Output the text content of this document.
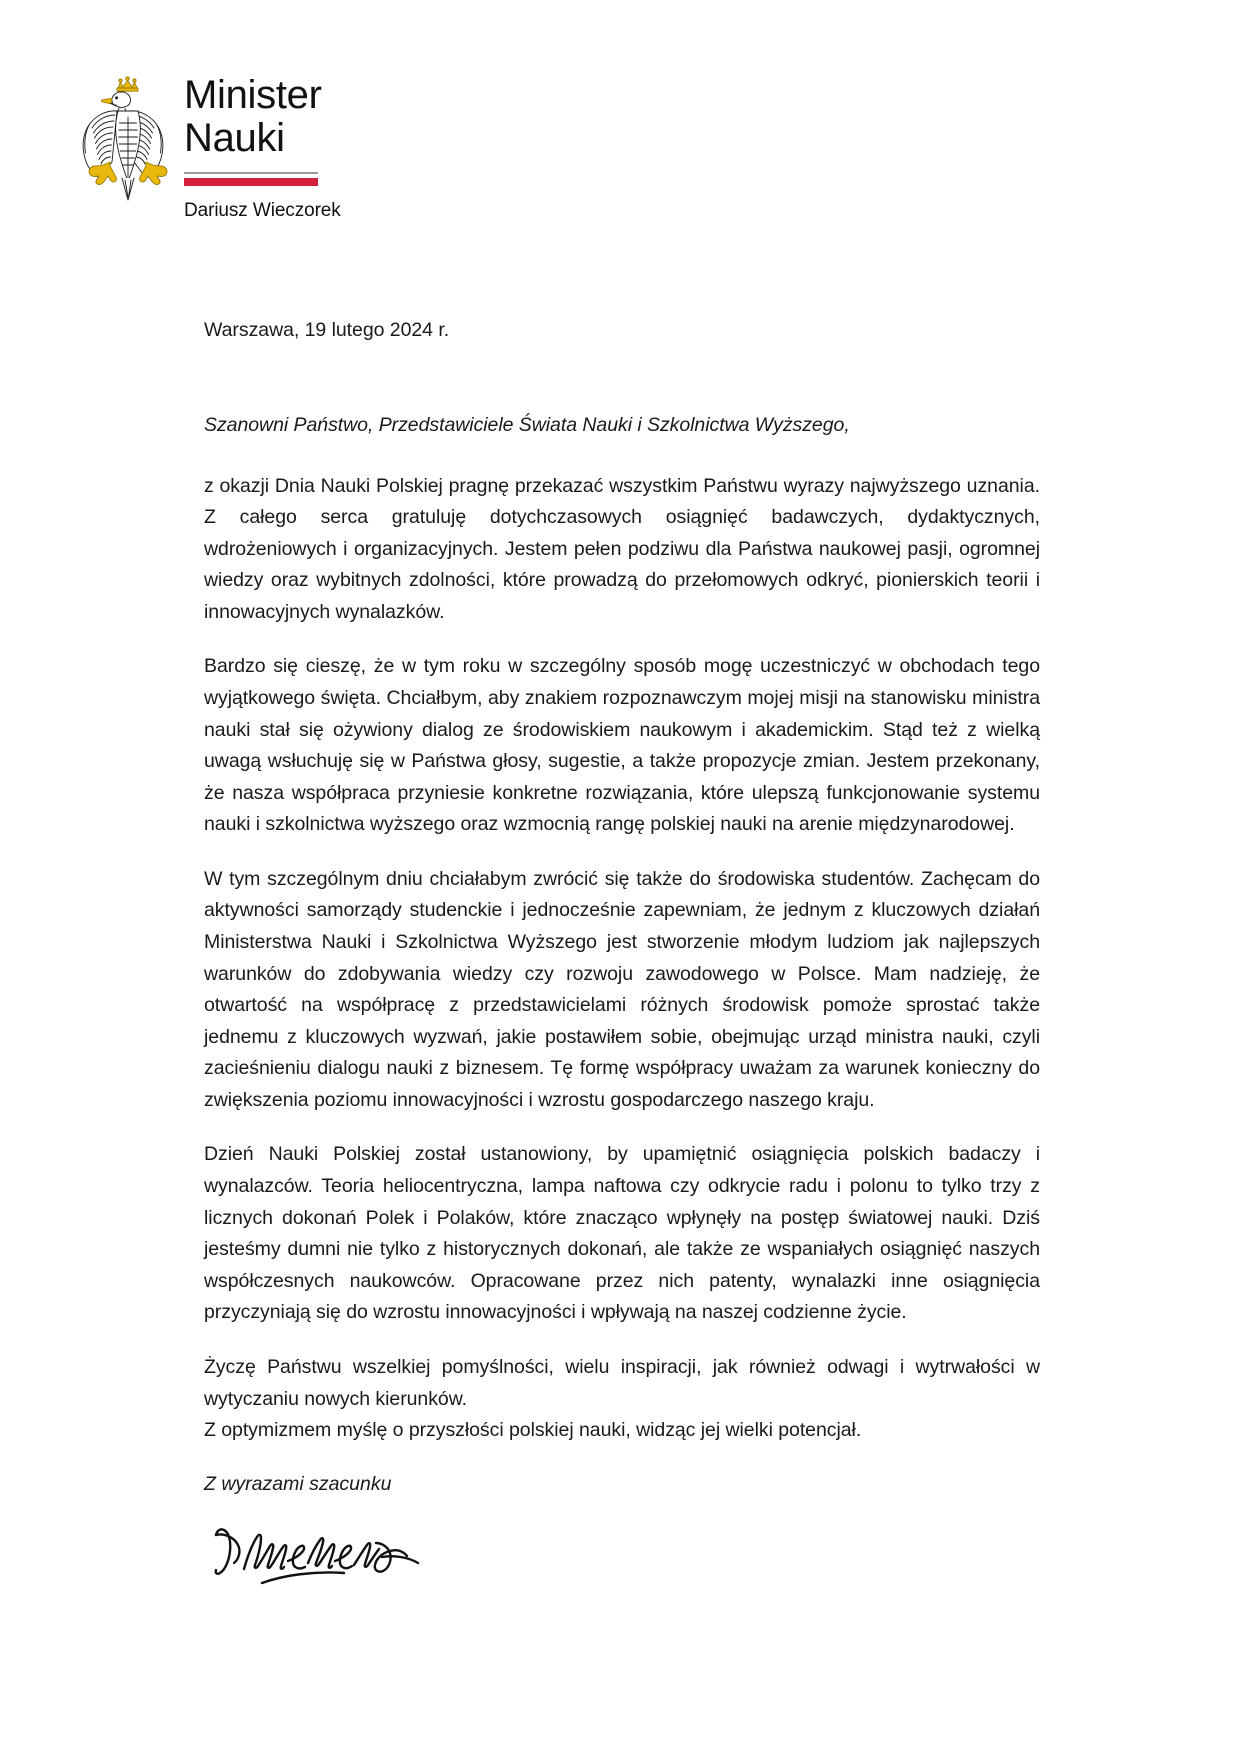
Minister
Nauki
Dariusz Wieczorek
Warszawa, 19 lutego 2024 r.
Szanowni Państwo, Przedstawiciele Świata Nauki i Szkolnictwa Wyższego,

z okazji Dnia Nauki Polskiej pragnę przekazać wszystkim Państwu wyrazy najwyższego uznania. Z całego serca gratuluję dotychczasowych osiągnięć badawczych, dydaktycznych, wdrożeniowych i organizacyjnych. Jestem pełen podziwu dla Państwa naukowej pasji, ogromnej wiedzy oraz wybitnych zdolności, które prowadzą do przełomowych odkryć, pionierskich teorii i innowacyjnych wynalazków.

Bardzo się cieszę, że w tym roku w szczególny sposób mogę uczestniczyć w obchodach tego wyjątkowego święta. Chciałbym, aby znakiem rozpoznawczym mojej misji na stanowisku ministra nauki stał się ożywiony dialog ze środowiskiem naukowym i akademickim. Stąd też z wielką uwagą wsłuchuję się w Państwa głosy, sugestie, a także propozycje zmian. Jestem przekonany, że nasza współpraca przyniesie konkretne rozwiązania, które ulepszą funkcjonowanie systemu nauki i szkolnictwa wyższego oraz wzmocnią rangę polskiej nauki na arenie międzynarodowej.

W tym szczególnym dniu chciałabym zwrócić się także do środowiska studentów. Zachęcam do aktywności samorządy studenckie i jednocześnie zapewniam, że jednym z kluczowych działań Ministerstwa Nauki i Szkolnictwa Wyższego jest stworzenie młodym ludziom jak najlepszych warunków do zdobywania wiedzy czy rozwoju zawodowego w Polsce. Mam nadzieję, że otwartość na współpracę z przedstawicielami różnych środowisk pomoże sprostać także jednemu z kluczowych wyzwań, jakie postawiłem sobie, obejmując urząd ministra nauki, czyli zacieśnieniu dialogu nauki z biznesem. Tę formę współpracy uważam za warunek konieczny do zwiększenia poziomu innowacyjności i wzrostu gospodarczego naszego kraju.

Dzień Nauki Polskiej został ustanowiony, by upamiętnić osiągnięcia polskich badaczy i wynalazców. Teoria heliocentryczna, lampa naftowa czy odkrycie radu i polonu to tylko trzy z licznych dokonań Polek i Polaków, które znacząco wpłynęły na postęp światowej nauki. Dziś jesteśmy dumni nie tylko z historycznych dokonań, ale także ze wspaniałych osiągnięć naszych współczesnych naukowców. Opracowane przez nich patenty, wynalazki inne osiągnięcia przyczyniają się do wzrostu innowacyjności i wpływają na naszej codzienne życie.

Życzę Państwu wszelkiej pomyślności, wielu inspiracji, jak również odwagi i wytrwałości w wytyczaniu nowych kierunków.

Z optymizmem myślę o przyszłości polskiej nauki, widząc jej wielki potencjał.
Z wyrazami szacunku
